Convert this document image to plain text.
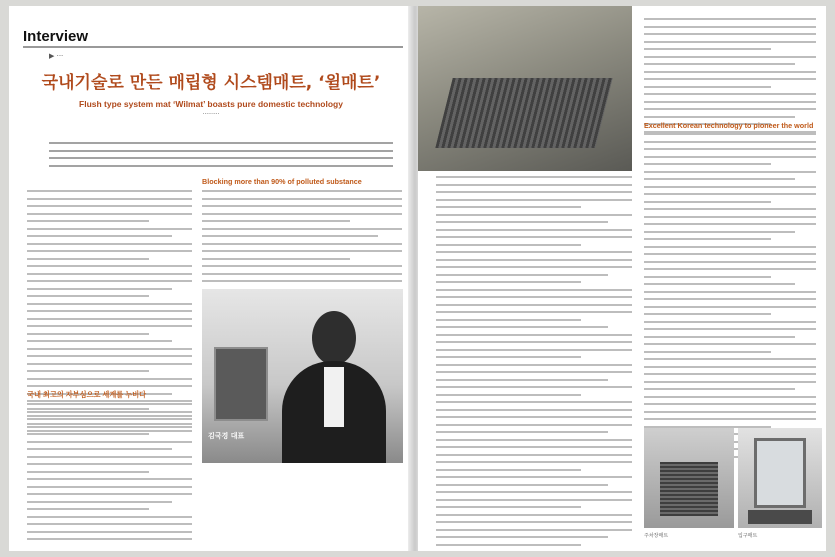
Interview
▶ ···
국내기술로 만든 매립형 시스템매트, ‘윌매트’
Flush type system mat ‘Wilmat’ boasts pure domestic technology
·········
Blocking more than 90% of polluted substance
김국경 대표
국내 최고의 자부심으로 세계를 누비다
Excellent Korean technology to pioneer the world
주차장매트	입구매트
